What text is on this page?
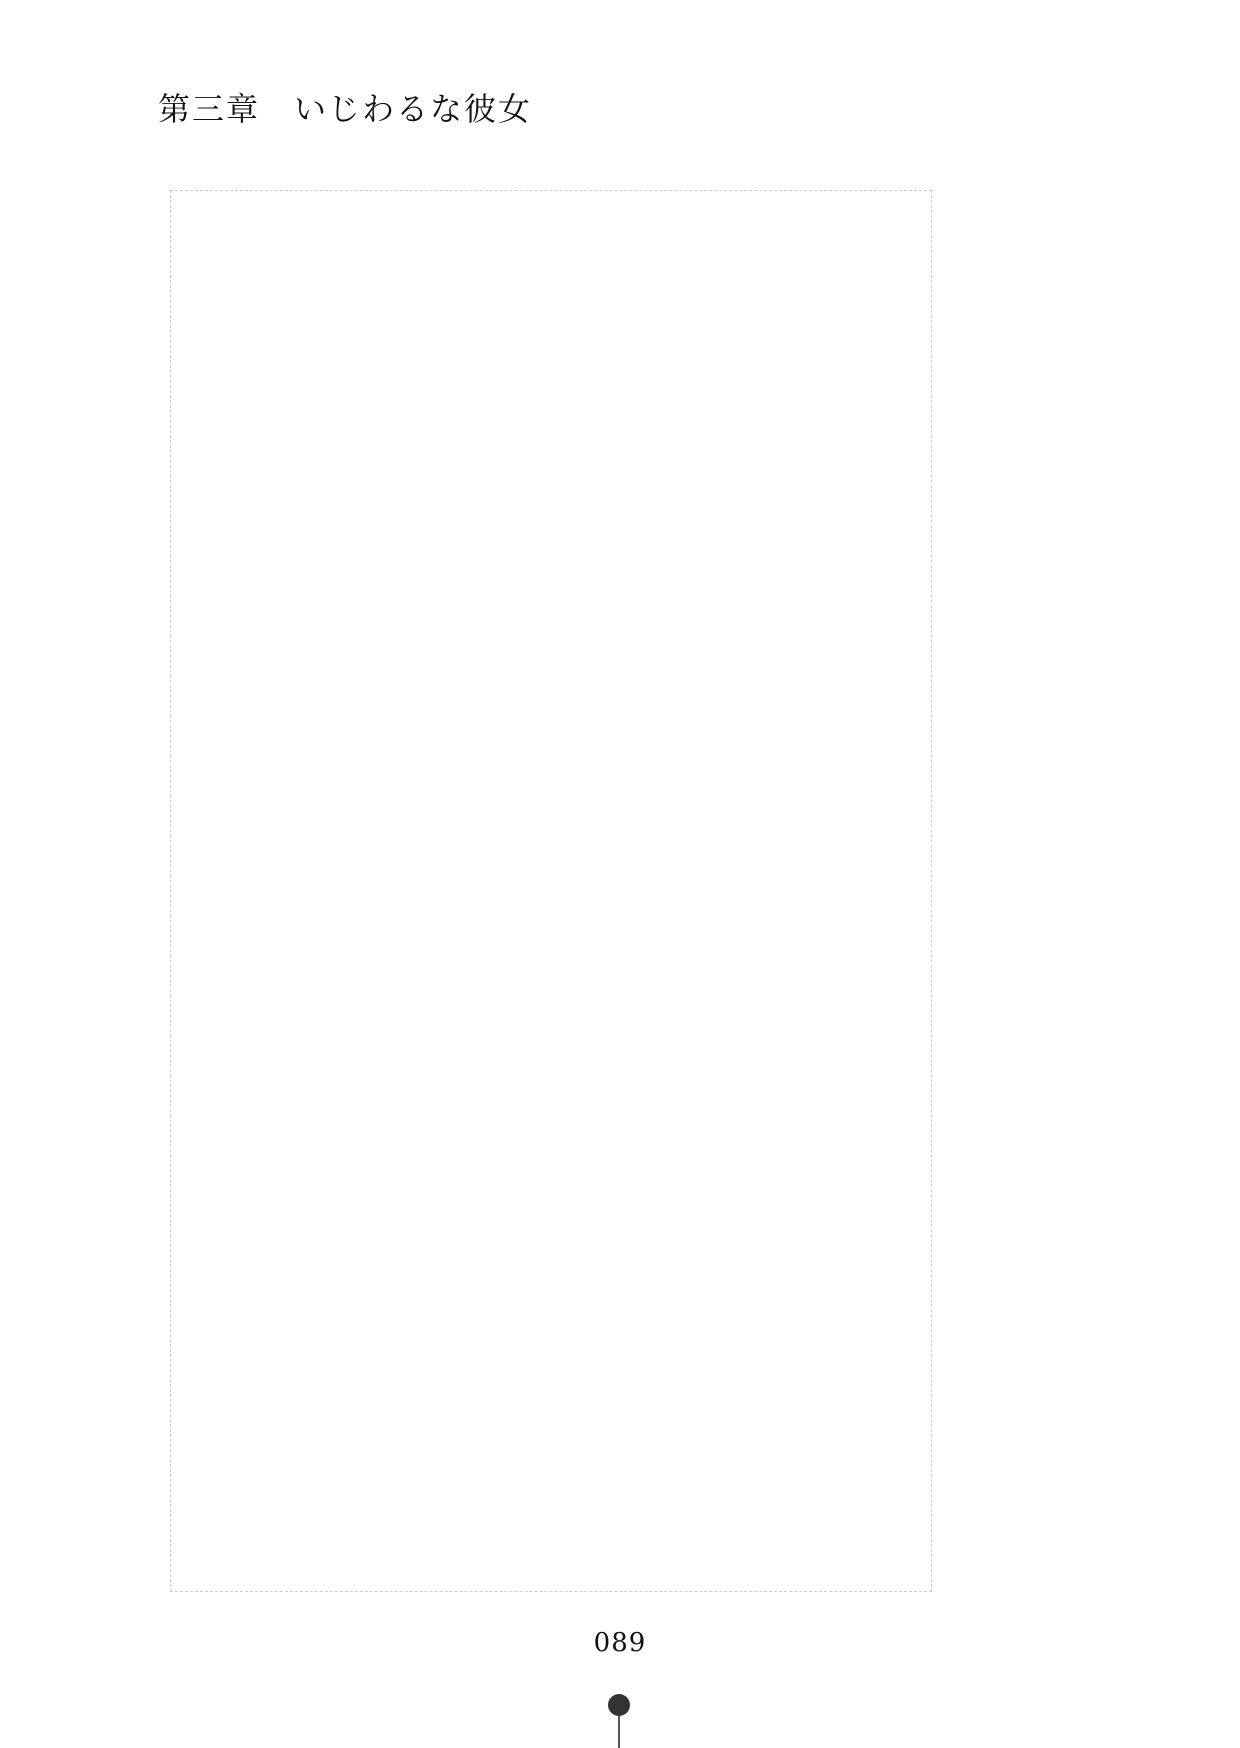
第三章　いじわるな彼女
089
